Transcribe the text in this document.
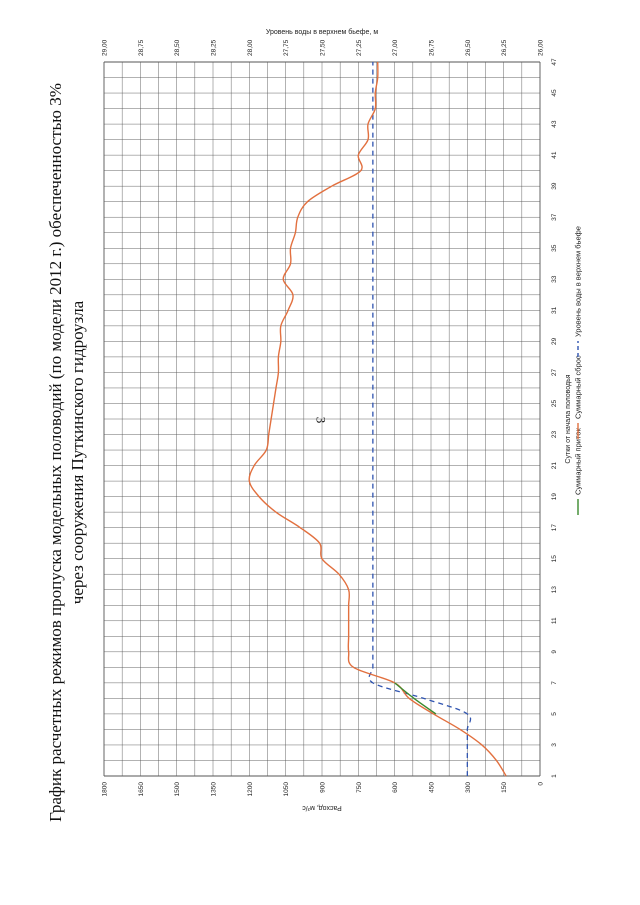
3
График расчетных режимов пропуска модельных половодий (по модели 2012 г.) обеспеченностью 3% через сооружения Путкинского гидроузла
1
3
5
7
9
11
13
15
17
19
21
23
25
27
29
31
33
35
37
39
41
43
45
47
0
150
300
450
600
750
900
1050
1200
1350
1500
1650
1800
26,00
26,25
26,50
26,75
27,00
27,25
27,50
27,75
28,00
28,25
28,50
28,75
29,00
Сутки от начала половодья
Расход, м³/с
Уровень воды в верхнем бьефе, м
Суммарный приток
Суммарный сброс
Уровень воды в верхнем бьефе
